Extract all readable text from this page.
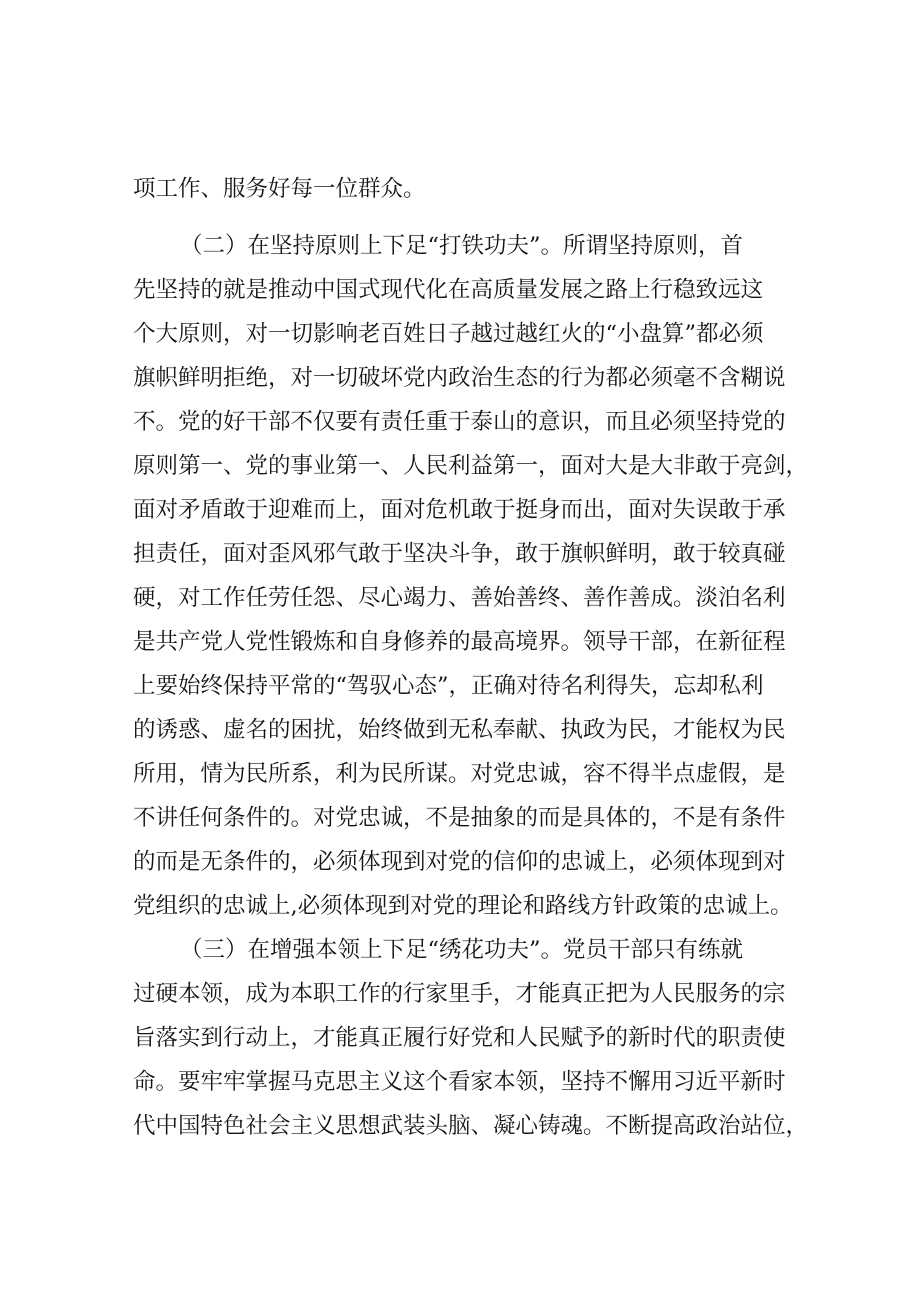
项工作、服务好每一位群众。

（二）在坚持原则上下足“打铁功夫”。所谓坚持原则，首

先坚持的就是推动中国式现代化在高质量发展之路上行稳致远这

个大原则，对一切影响老百姓日子越过越红火的“小盘算”都必须

旗帜鲜明拒绝，对一切破坏党内政治生态的行为都必须毫不含糊说

不。党的好干部不仅要有责任重于泰山的意识，而且必须坚持党的

原则第一、党的事业第一、人民利益第一，面对大是大非敢于亮剑，

面对矛盾敢于迎难而上，面对危机敢于挺身而出，面对失误敢于承

担责任，面对歪风邪气敢于坚决斗争，敢于旗帜鲜明，敢于较真碰

硬，对工作任劳任怨、尽心竭力、善始善终、善作善成。淡泊名利

是共产党人党性锻炼和自身修养的最高境界。领导干部，在新征程

上要始终保持平常的“驾驭心态”，正确对待名利得失，忘却私利

的诱惑、虚名的困扰，始终做到无私奉献、执政为民，才能权为民

所用，情为民所系，利为民所谋。对党忠诚，容不得半点虚假，是

不讲任何条件的。对党忠诚，不是抽象的而是具体的，不是有条件

的而是无条件的，必须体现到对党的信仰的忠诚上，必须体现到对

党组织的忠诚上,必须体现到对党的理论和路线方针政策的忠诚上。

（三）在增强本领上下足“绣花功夫”。党员干部只有练就

过硬本领，成为本职工作的行家里手，才能真正把为人民服务的宗

旨落实到行动上，才能真正履行好党和人民赋予的新时代的职责使

命。要牢牢掌握马克思主义这个看家本领，坚持不懈用习近平新时

代中国特色社会主义思想武装头脑、凝心铸魂。不断提高政治站位，
